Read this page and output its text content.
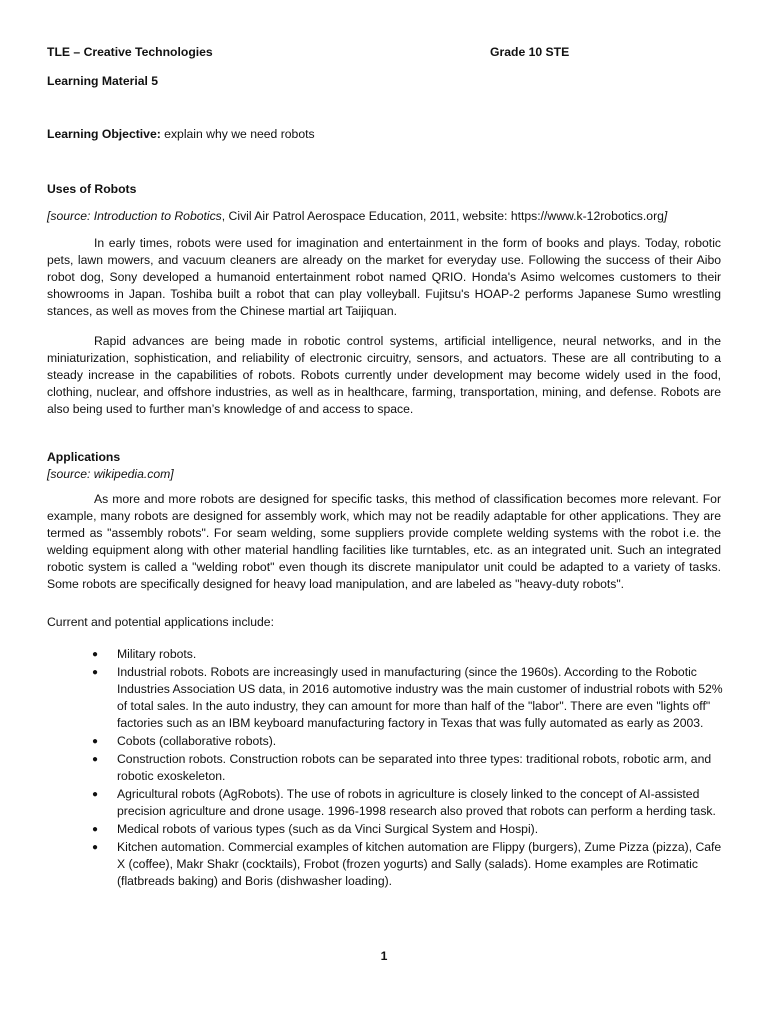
TLE – Creative Technologies	Grade 10 STE
Learning Material 5
Learning Objective: explain why we need robots
Uses of Robots
[source: Introduction to Robotics, Civil Air Patrol Aerospace Education, 2011, website: https://www.k-12robotics.org]

In early times, robots were used for imagination and entertainment in the form of books and plays. Today, robotic pets, lawn mowers, and vacuum cleaners are already on the market for everyday use. Following the success of their Aibo robot dog, Sony developed a humanoid entertainment robot named QRIO. Honda's Asimo welcomes customers to their showrooms in Japan. Toshiba built a robot that can play volleyball. Fujitsu's HOAP-2 performs Japanese Sumo wrestling stances, as well as moves from the Chinese martial art Taijiquan.

Rapid advances are being made in robotic control systems, artificial intelligence, neural networks, and in the miniaturization, sophistication, and reliability of electronic circuitry, sensors, and actuators. These are all contributing to a steady increase in the capabilities of robots. Robots currently under development may become widely used in the food, clothing, nuclear, and offshore industries, as well as in healthcare, farming, transportation, mining, and defense. Robots are also being used to further man’s knowledge of and access to space.

Applications
[source: wikipedia.com]

As more and more robots are designed for specific tasks, this method of classification becomes more relevant. For example, many robots are designed for assembly work, which may not be readily adaptable for other applications. They are termed as "assembly robots". For seam welding, some suppliers provide complete welding systems with the robot i.e. the welding equipment along with other material handling facilities like turntables, etc. as an integrated unit. Such an integrated robotic system is called a "welding robot" even though its discrete manipulator unit could be adapted to a variety of tasks. Some robots are specifically designed for heavy load manipulation, and are labeled as "heavy-duty robots".

Current and potential applications include:
● Military robots.
● Industrial robots. Robots are increasingly used in manufacturing (since the 1960s). According to the Robotic Industries Association US data, in 2016 automotive industry was the main customer of industrial robots with 52% of total sales. In the auto industry, they can amount for more than half of the "labor". There are even "lights off" factories such as an IBM keyboard manufacturing factory in Texas that was fully automated as early as 2003.
● Cobots (collaborative robots).
● Construction robots. Construction robots can be separated into three types: traditional robots, robotic arm, and robotic exoskeleton.
● Agricultural robots (AgRobots). The use of robots in agriculture is closely linked to the concept of AI-assisted precision agriculture and drone usage. 1996-1998 research also proved that robots can perform a herding task.
● Medical robots of various types (such as da Vinci Surgical System and Hospi).
● Kitchen automation. Commercial examples of kitchen automation are Flippy (burgers), Zume Pizza (pizza), Cafe X (coffee), Makr Shakr (cocktails), Frobot (frozen yogurts) and Sally (salads). Home examples are Rotimatic (flatbreads baking) and Boris (dishwasher loading).
1
